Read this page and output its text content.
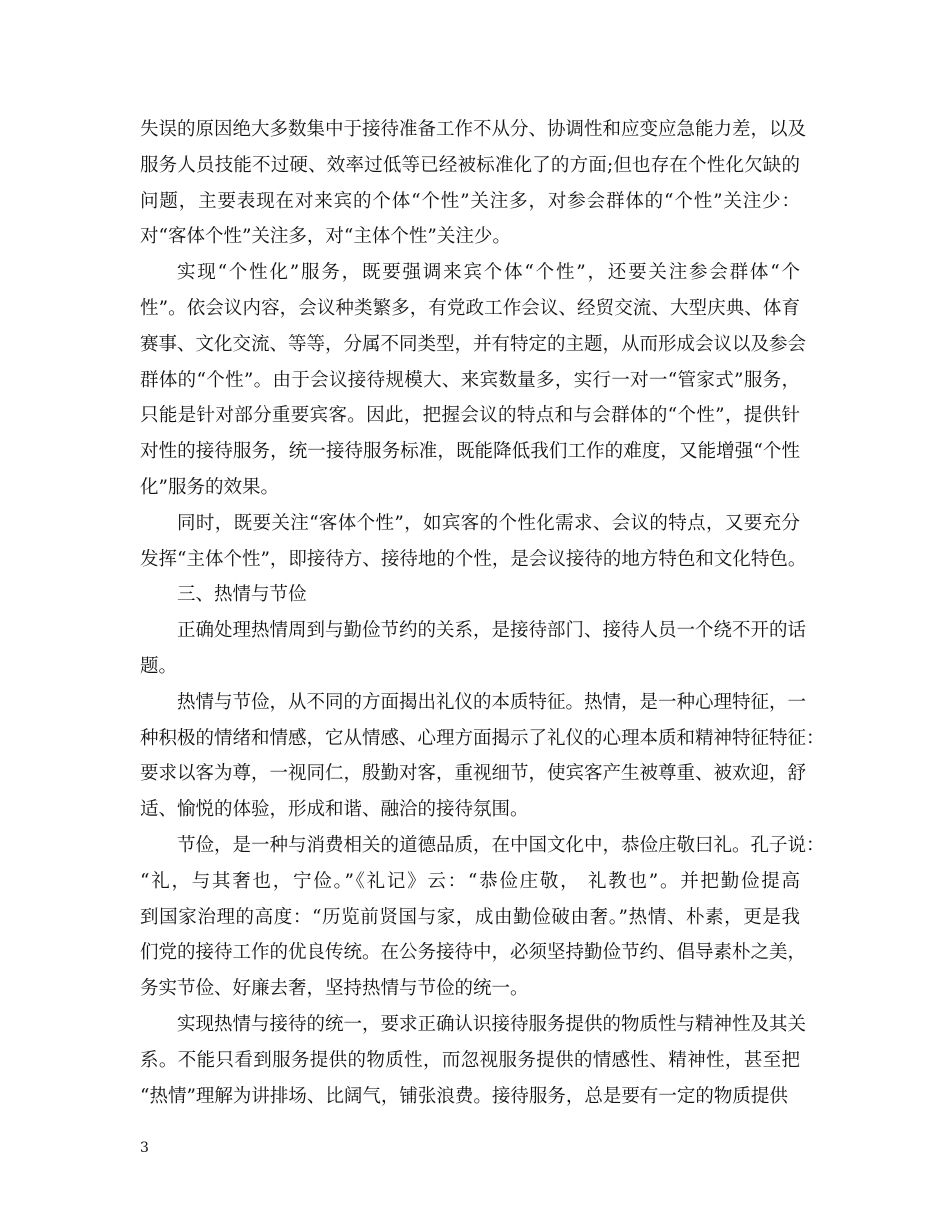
失误的原因绝大多数集中于接待准备工作不从分、协调性和应变应急能力差，以及
服务人员技能不过硬、效率过低等已经被标准化了的方面;但也存在个性化欠缺的
问题，主要表现在对来宾的个体“个性”关注多，对参会群体的“个性”关注少：
对“客体个性”关注多，对“主体个性”关注少。
实现“个性化”服务，既要强调来宾个体“个性”，还要关注参会群体“个
性”。依会议内容，会议种类繁多，有党政工作会议、经贸交流、大型庆典、体育
赛事、文化交流、等等，分属不同类型，并有特定的主题，从而形成会议以及参会
群体的“个性”。由于会议接待规模大、来宾数量多，实行一对一“管家式”服务，
只能是针对部分重要宾客。因此，把握会议的特点和与会群体的“个性”，提供针
对性的接待服务，统一接待服务标准，既能降低我们工作的难度，又能增强“个性
化”服务的效果。
同时，既要关注“客体个性”，如宾客的个性化需求、会议的特点，又要充分
发挥“主体个性”，即接待方、接待地的个性，是会议接待的地方特色和文化特色。
三、热情与节俭
正确处理热情周到与勤俭节约的关系，是接待部门、接待人员一个绕不开的话
题。
热情与节俭，从不同的方面揭出礼仪的本质特征。热情，是一种心理特征，一
种积极的情绪和情感，它从情感、心理方面揭示了礼仪的心理本质和精神特征特征：
要求以客为尊，一视同仁，殷勤对客，重视细节，使宾客产生被尊重、被欢迎，舒
适、愉悦的体验，形成和谐、融洽的接待氛围。
节俭，是一种与消费相关的道德品质，在中国文化中，恭俭庄敬曰礼。孔子说：
“礼，与其奢也，宁俭。”《礼记》云：“恭俭庄敬， 礼教也”。并把勤俭提高
到国家治理的高度：“历览前贤国与家，成由勤俭破由奢。”热情、朴素，更是我
们党的接待工作的优良传统。在公务接待中，必须坚持勤俭节约、倡导素朴之美，
务实节俭、好廉去奢，坚持热情与节俭的统一。
实现热情与接待的统一，要求正确认识接待服务提供的物质性与精神性及其关
系。不能只看到服务提供的物质性，而忽视服务提供的情感性、精神性，甚至把
“热情”理解为讲排场、比阔气，铺张浪费。接待服务，总是要有一定的物质提供
3
